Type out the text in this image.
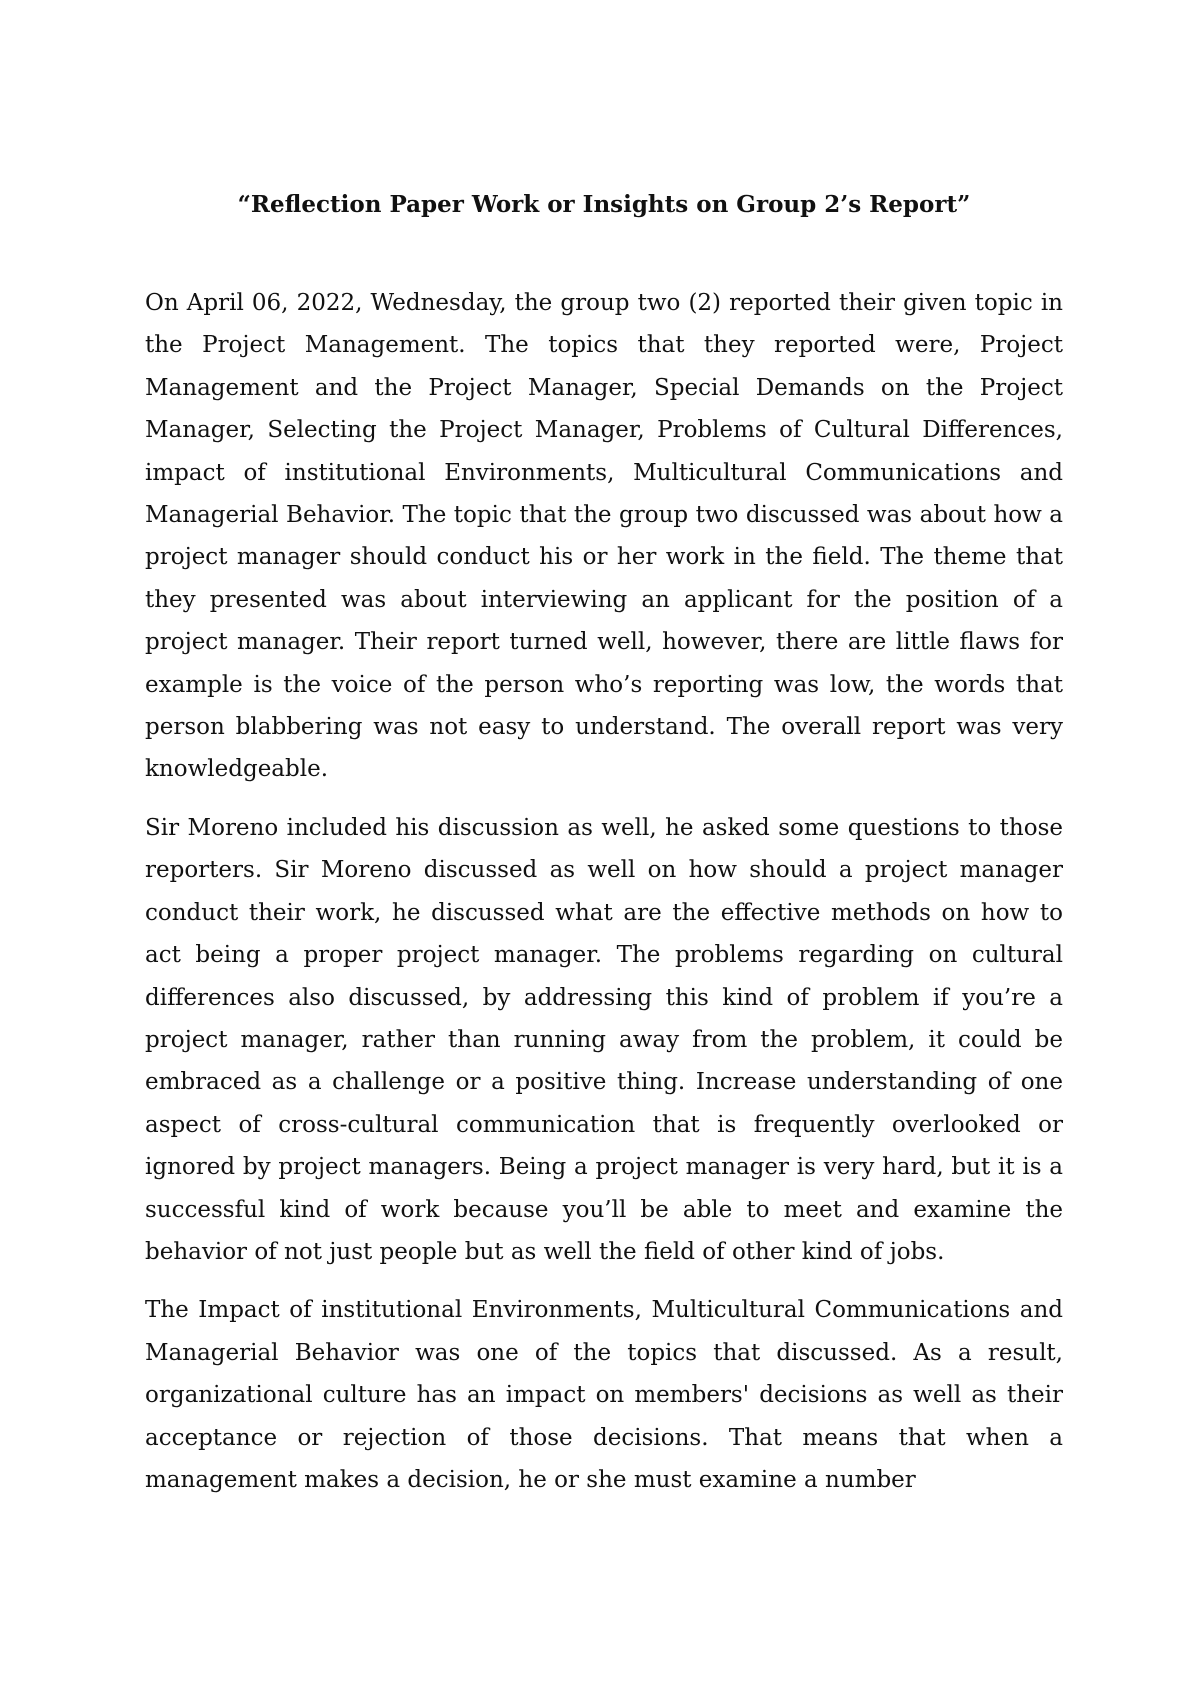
“Reflection Paper Work or Insights on Group 2’s Report”

On April 06, 2022, Wednesday, the group two (2) reported their given topic in the Project Management. The topics that they reported were, Project Management and the Project Manager, Special Demands on the Project Manager, Selecting the Project Manager, Problems of Cultural Differences, impact of institutional Environments, Multicultural Communications and Managerial Behavior. The topic that the group two discussed was about how a project manager should conduct his or her work in the field. The theme that they presented was about interviewing an applicant for the position of a project manager. Their report turned well, however, there are little flaws for example is the voice of the person who’s reporting was low, the words that person blabbering was not easy to understand. The overall report was very knowledgeable.

Sir Moreno included his discussion as well, he asked some questions to those reporters. Sir Moreno discussed as well on how should a project manager conduct their work, he discussed what are the effective methods on how to act being a proper project manager. The problems regarding on cultural differences also discussed, by addressing this kind of problem if you’re a project manager, rather than running away from the problem, it could be embraced as a challenge or a positive thing. Increase understanding of one aspect of cross-cultural communication that is frequently overlooked or ignored by project managers. Being a project manager is very hard, but it is a successful kind of work because you’ll be able to meet and examine the behavior of not just people but as well the field of other kind of jobs.

The Impact of institutional Environments, Multicultural Communications and Managerial Behavior was one of the topics that discussed. As a result, organizational culture has an impact on members' decisions as well as their acceptance or rejection of those decisions. That means that when a management makes a decision, he or she must examine a number
